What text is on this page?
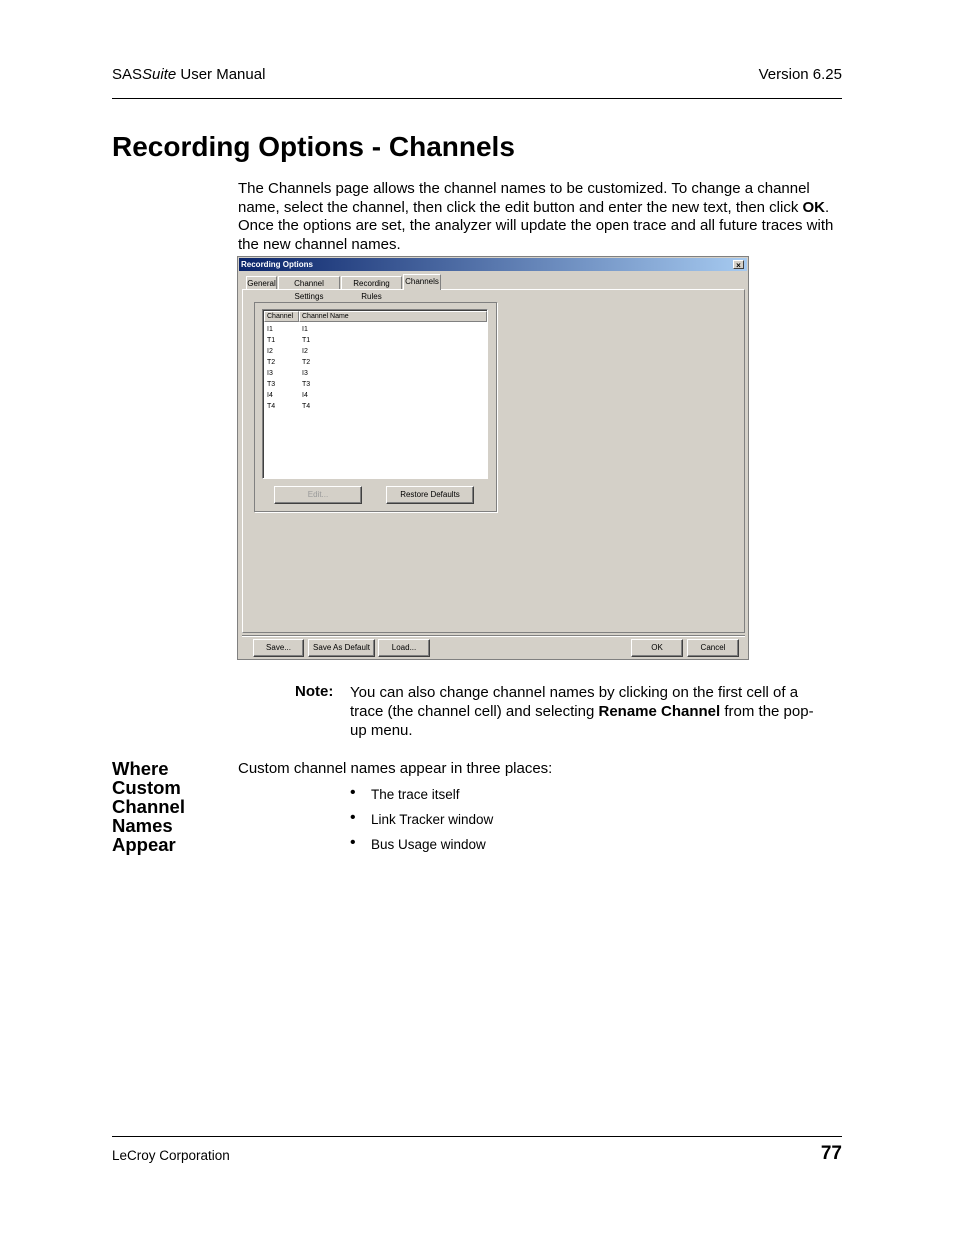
SASSuite User Manual	Version 6.25
Recording Options - Channels
The Channels page allows the channel names to be customized. To change a channel name, select the channel, then click the edit button and enter the new text, then click OK. Once the options are set, the analyzer will update the open trace and all future traces with the new channel names.
Recording Options	×
General	Channel Settings
Recording Rules
Channels
Channel	Channel Name
I1	I1
T1	T1
I2	I2
T2	T2
I3	I3
T3	T3
I4	I4
T4	T4
Edit...	Restore Defaults
Save...	Save As Default	Load...	OK	Cancel
Note: You can also change channel names by clicking on the first cell of a trace (the channel cell) and selecting Rename Channel from the pop-up menu.
Where
Custom
Channel
Names
Appear
Custom channel names appear in three places:
• The trace itself
• Link Tracker window
• Bus Usage window
LeCroy Corporation	77
